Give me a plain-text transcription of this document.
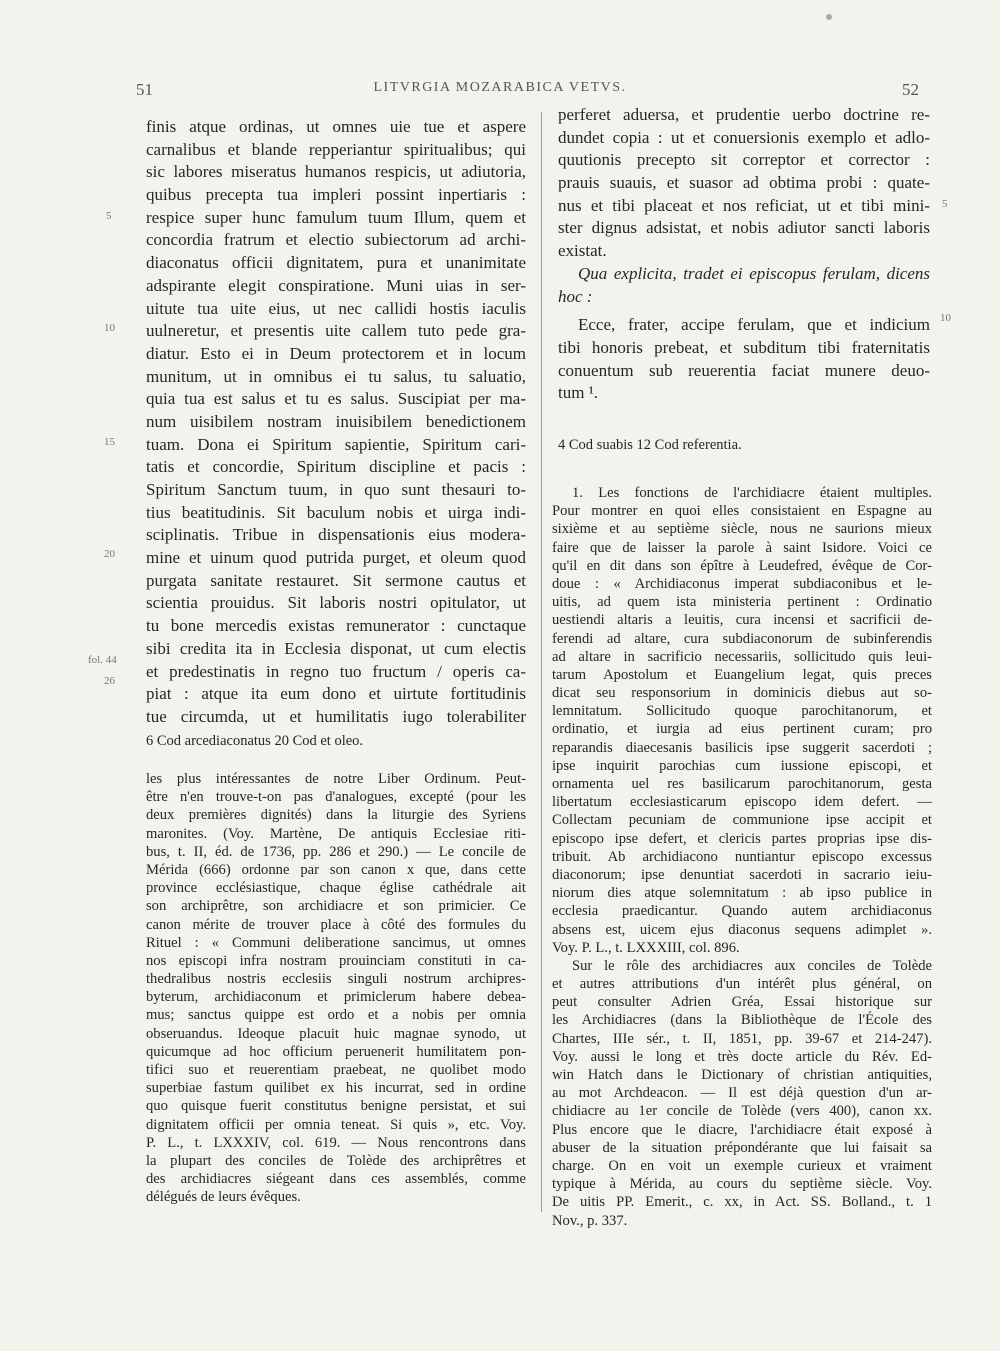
51	LITVRGIA MOZARABICA VETVS.	52
5
10
15
20
fol. 44
26
5
10
finis atque ordinas, ut omnes uie tue et aspere
carnalibus et blande repperiantur spiritualibus; qui
sic labores miseratus humanos respicis, ut adiutoria,
quibus precepta tua impleri possint inpertiaris :
respice super hunc famulum tuum Illum, quem et
concordia fratrum et electio subiectorum ad archi-
diaconatus officii dignitatem, pura et unanimitate
adspirante elegit conspiratione. Muni uias in ser-
uitute tua uite eius, ut nec callidi hostis iaculis
uulneretur, et presentis uite callem tuto pede gra-
diatur. Esto ei in Deum protectorem et in locum
munitum, ut in omnibus ei tu salus, tu saluatio,
quia tua est salus et tu es salus. Suscipiat per ma-
num uisibilem nostram inuisibilem benedictionem
tuam. Dona ei Spiritum sapientie, Spiritum cari-
tatis et concordie, Spiritum discipline et pacis :
Spiritum Sanctum tuum, in quo sunt thesauri to-
tius beatitudinis. Sit baculum nobis et uirga indi-
sciplinatis. Tribue in dispensationis eius modera-
mine et uinum quod putrida purget, et oleum quod
purgata sanitate restauret. Sit sermone cautus et
scientia prouidus. Sit laboris nostri opitulator, ut
tu bone mercedis existas remunerator : cunctaque
sibi credita ita in Ecclesia disponat, ut cum electis
et predestinatis in regno tuo fructum / operis ca-
piat : atque ita eum dono et uirtute fortitudinis
tue circumda, ut et humilitatis iugo tolerabiliter
6 Cod arcediaconatus 20 Cod et oleo.
perferet aduersa, et prudentie uerbo doctrine re-
dundet copia : ut et conuersionis exemplo et adlo-
quutionis precepto sit correptor et corrector :
prauis suauis, et suasor ad obtima probi : quate-
nus et tibi placeat et nos reficiat, ut et tibi mini-
ster dignus adsistat, et nobis adiutor sancti laboris
existat.
Qua explicita, tradet ei episcopus ferulam, dicens
hoc :
Ecce, frater, accipe ferulam, que et indicium
tibi honoris prebeat, et subditum tibi fraternitatis
conuentum sub reuerentia faciat munere deuo-
tum ¹.
4 Cod suabis 12 Cod referentia.
les plus intéressantes de notre Liber Ordinum. Peut-
être n'en trouve-t-on pas d'analogues, excepté (pour les
deux premières dignités) dans la liturgie des Syriens
maronites. (Voy. Martène, De antiquis Ecclesiae riti-
bus, t. II, éd. de 1736, pp. 286 et 290.) — Le concile de
Mérida (666) ordonne par son canon x que, dans cette
province ecclésiastique, chaque église cathédrale ait
son archiprêtre, son archidiacre et son primicier. Ce
canon mérite de trouver place à côté des formules du
Rituel : « Communi deliberatione sancimus, ut omnes
nos episcopi infra nostram prouinciam constituti in ca-
thedralibus nostris ecclesiis singuli nostrum archipres-
byterum, archidiaconum et primiclerum habere debea-
mus; sanctus quippe est ordo et a nobis per omnia
obseruandus. Ideoque placuit huic magnae synodo, ut
quicumque ad hoc officium peruenerit humilitatem pon-
tifici suo et reuerentiam praebeat, ne quolibet modo
superbiae fastum quilibet ex his incurrat, sed in ordine
quo quisque fuerit constitutus benigne persistat, et sui
dignitatem officii per omnia teneat. Si quis », etc. Voy.
P. L., t. LXXXIV, col. 619. — Nous rencontrons dans
la plupart des conciles de Tolède des archiprêtres et
des archidiacres siégeant dans ces assemblés, comme
délégués de leurs évêques.
1. Les fonctions de l'archidiacre étaient multiples.
Pour montrer en quoi elles consistaient en Espagne au
sixième et au septième siècle, nous ne saurions mieux
faire que de laisser la parole à saint Isidore. Voici ce
qu'il en dit dans son épître à Leudefred, évêque de Cor-
doue : « Archidiaconus imperat subdiaconibus et le-
uitis, ad quem ista ministeria pertinent : Ordinatio
uestiendi altaris a leuitis, cura incensi et sacrificii de-
ferendi ad altare, cura subdiaconorum de subinferendis
ad altare in sacrificio necessariis, sollicitudo quis leui-
tarum Apostolum et Euangelium legat, quis preces
dicat seu responsorium in dominicis diebus aut so-
lemnitatum. Sollicitudo quoque parochitanorum, et
ordinatio, et iurgia ad eius pertinent curam; pro
reparandis diaecesanis basilicis ipse suggerit sacerdoti ;
ipse inquirit parochias cum iussione episcopi, et
ornamenta uel res basilicarum parochitanorum, gesta
libertatum ecclesiasticarum episcopo idem defert. —
Collectam pecuniam de communione ipse accipit et
episcopo ipse defert, et clericis partes proprias ipse dis-
tribuit. Ab archidiacono nuntiantur episcopo excessus
diaconorum; ipse denuntiat sacerdoti in sacrario ieiu-
niorum dies atque solemnitatum : ab ipso publice in
ecclesia praedicantur. Quando autem archidiaconus
absens est, uicem ejus diaconus sequens adimplet ».
Voy. P. L., t. LXXXIII, col. 896.
Sur le rôle des archidiacres aux conciles de Tolède
et autres attributions d'un intérêt plus général, on
peut consulter Adrien Gréa, Essai historique sur
les Archidiacres (dans la Bibliothèque de l'École des
Chartes, IIIe sér., t. II, 1851, pp. 39-67 et 214-247).
Voy. aussi le long et très docte article du Rév. Ed-
win Hatch dans le Dictionary of christian antiquities,
au mot Archdeacon. — Il est déjà question d'un ar-
chidiacre au 1er concile de Tolède (vers 400), canon xx.
Plus encore que le diacre, l'archidiacre était exposé à
abuser de la situation prépondérante que lui faisait sa
charge. On en voit un exemple curieux et vraiment
typique à Mérida, au cours du septième siècle. Voy.
De uitis PP. Emerit., c. xx, in Act. SS. Bolland., t. 1
Nov., p. 337.
